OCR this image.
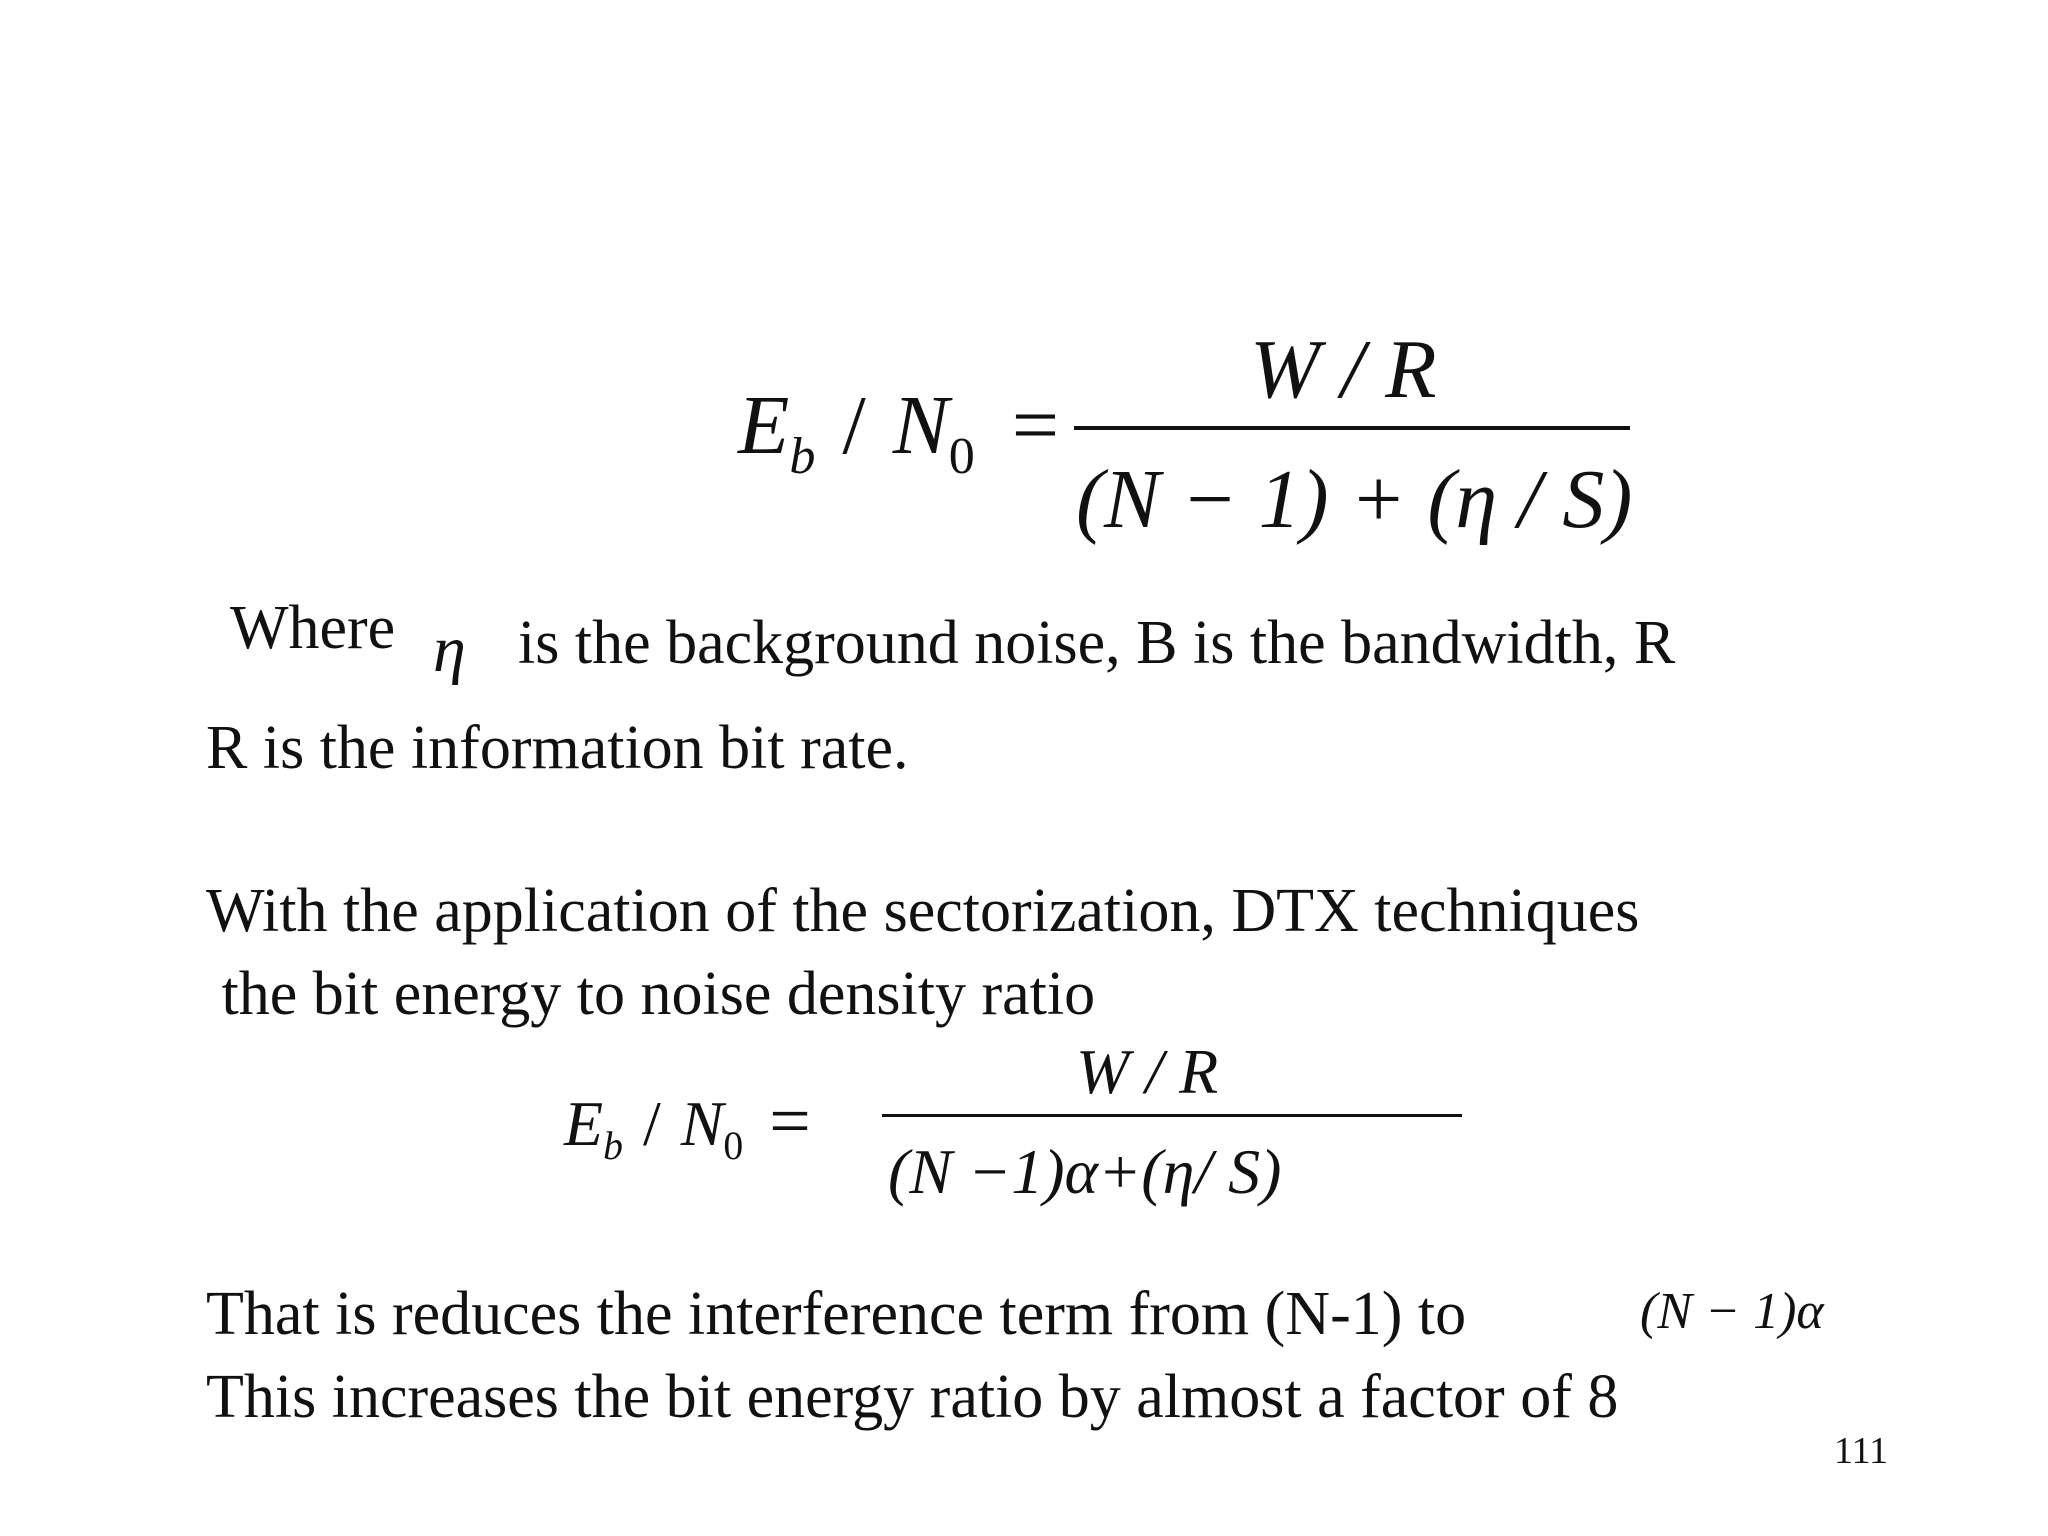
$E_b / N_0$ =
W / R
(N − 1) + (η / S)
Where η is the background noise, B is the bandwidth, R
R is the information bit rate.
With the application of the sectorization, DTX techniques
the bit energy to noise density ratio
$E_b / N_0$ =
W / R
(N −1)α+(η/ S)
That is reduces the interference term from (N-1) to	(N − 1)α
This increases the bit energy ratio by almost a factor of 8
111
